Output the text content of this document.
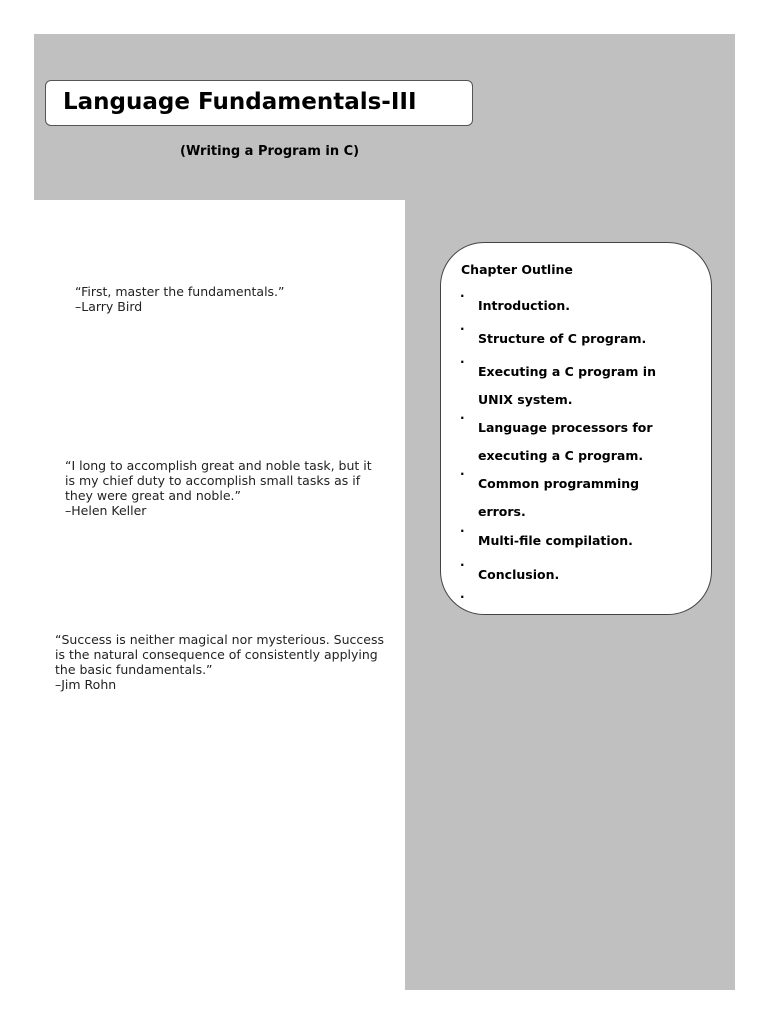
Language Fundamentals-III
(Writing a Program in C)

“First, master the fundamentals.”

–Larry Bird

“I long to accomplish great and noble task, but it

is my chief duty to accomplish small tasks as if

they were great and noble.”

–Helen Keller

“Success is neither magical nor mysterious. Success

is the natural consequence of consistently applying

the basic fundamentals.”

–Jim Rohn

Chapter Outline
·
Introduction.
·
Structure of C program.
·
Executing a C program in
UNIX system.
·
Language processors for
executing a C program.
·
Common programming
errors.
·
Multi-file compilation.
·
Conclusion.
·
